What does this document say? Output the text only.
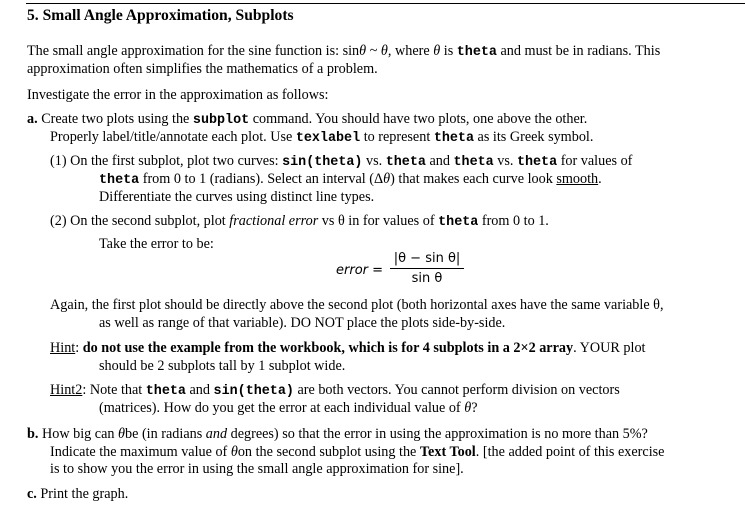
5. Small Angle Approximation, Subplots
The small angle approximation for the sine function is: sinθ ~ θ, where θ is theta and must be in radians. This
approximation often simplifies the mathematics of a problem.
Investigate the error in the approximation as follows:
a. Create two plots using the subplot command. You should have two plots, one above the other.
Properly label/title/annotate each plot. Use texlabel to represent theta as its Greek symbol.
(1) On the first subplot, plot two curves: sin(theta) vs. theta and theta vs. theta for values of
theta from 0 to 1 (radians). Select an interval (Δθ) that makes each curve look smooth.
Differentiate the curves using distinct line types.
(2) On the second subplot, plot fractional error vs θ in for values of theta from 0 to 1.
Take the error to be:
error =
|θ − sin θ|
sin θ
Again, the first plot should be directly above the second plot (both horizontal axes have the same variable θ,
as well as range of that variable). DO NOT place the plots side-by-side.
Hint: do not use the example from the workbook, which is for 4 subplots in a 2×2 array. YOUR plot
should be 2 subplots tall by 1 subplot wide.
Hint2: Note that theta and sin(theta) are both vectors. You cannot perform division on vectors
(matrices). How do you get the error at each individual value of θ?
b. How big can θbe (in radians and degrees) so that the error in using the approximation is no more than 5%?
Indicate the maximum value of θon the second subplot using the Text Tool. [the added point of this exercise
is to show you the error in using the small angle approximation for sine].
c. Print the graph.
